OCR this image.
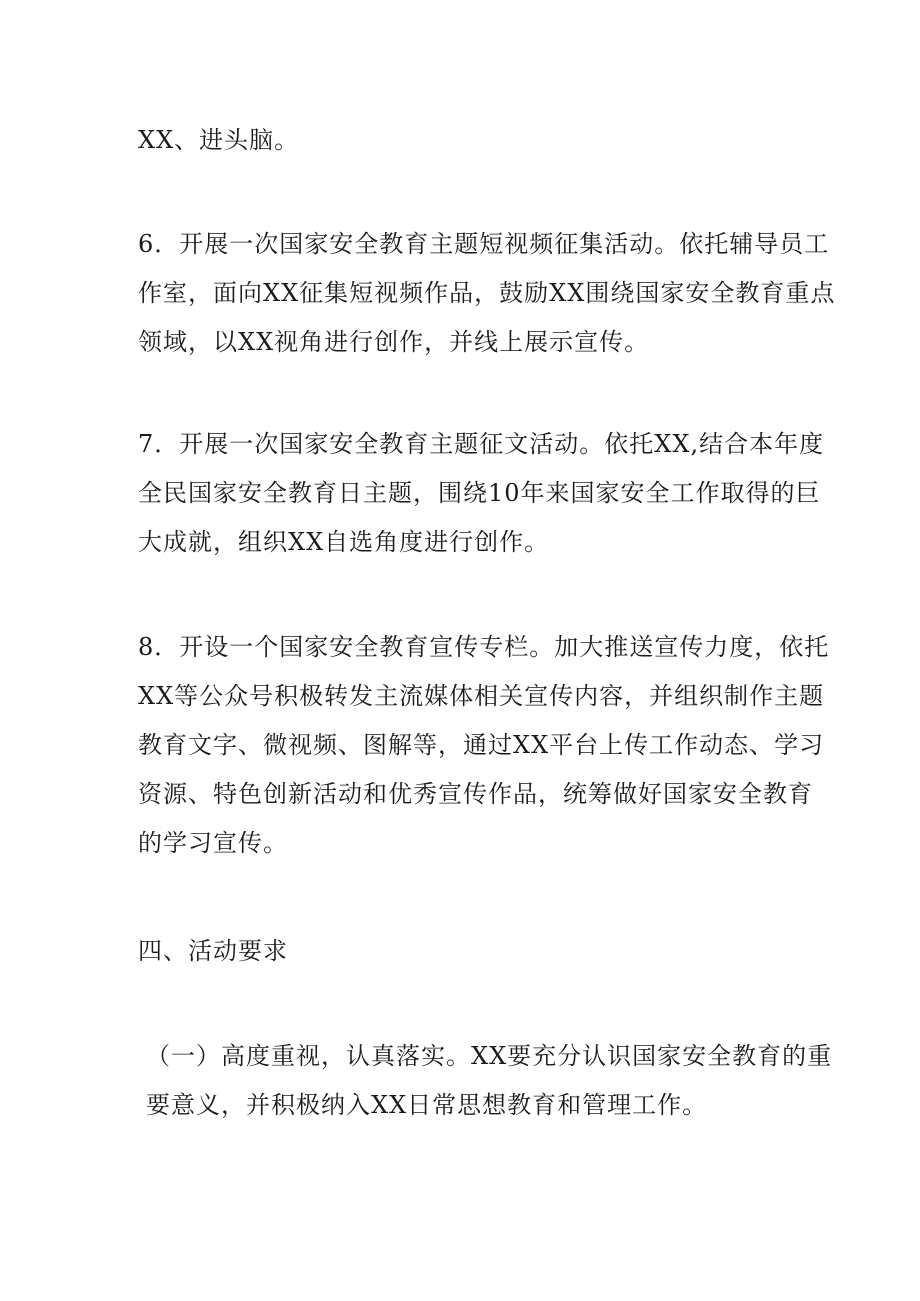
XX、进头脑。

6．开展一次国家安全教育主题短视频征集活动。依托辅导员工
作室，面向XX征集短视频作品，鼓励XX围绕国家安全教育重点
领域，以XX视角进行创作，并线上展示宣传。

7．开展一次国家安全教育主题征文活动。依托XX,结合本年度
全民国家安全教育日主题，围绕10年来国家安全工作取得的巨
大成就，组织XX自选角度进行创作。

8．开设一个国家安全教育宣传专栏。加大推送宣传力度，依托
XX等公众号积极转发主流媒体相关宣传内容，并组织制作主题
教育文字、微视频、图解等，通过XX平台上传工作动态、学习
资源、特色创新活动和优秀宣传作品，统筹做好国家安全教育
的学习宣传。

四、活动要求

（一）高度重视，认真落实。XX要充分认识国家安全教育的重
要意义，并积极纳入XX日常思想教育和管理工作。
